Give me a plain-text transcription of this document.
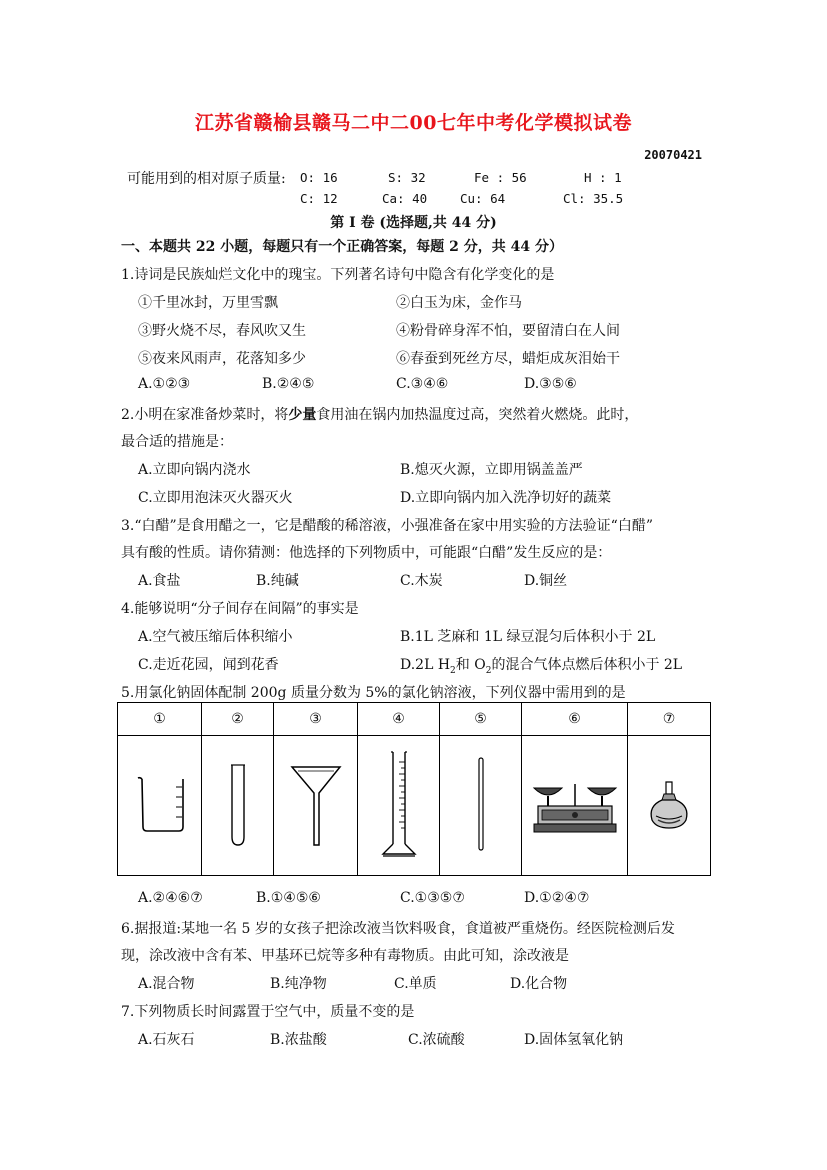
江苏省赣榆县赣马二中二00七年中考化学模拟试卷
20070421
可能用到的相对原子质量: O: 16	S: 32	Fe : 56	H : 1
C: 12	Ca: 40	Cu: 64	Cl: 35.5
第 I 卷 (选择题,共 44 分)
一、本题共 22 小题，每题只有一个正确答案，每题 2 分，共 44 分）
1.诗词是民族灿烂文化中的瑰宝。下列著名诗句中隐含有化学变化的是
①千里冰封，万里雪飘	②白玉为床，金作马
③野火烧不尽，春风吹又生	④粉骨碎身浑不怕，要留清白在人间
⑤夜来风雨声，花落知多少	⑥春蚕到死丝方尽，蜡炬成灰泪始干
A.①②③	B.②④⑤	C.③④⑥	D.③⑤⑥
2.小明在家准备炒菜时，将少量食用油在锅内加热温度过高，突然着火燃烧。此时，
最合适的措施是：
A.立即向锅内浇水	B.熄灭火源，立即用锅盖盖严
C.立即用泡沫灭火器灭火	D.立即向锅内加入洗净切好的蔬菜
3.“白醋”是食用醋之一，它是醋酸的稀溶液，小强准备在家中用实验的方法验证“白醋”
具有酸的性质。请你猜测：他选择的下列物质中，可能跟“白醋”发生反应的是：
A.食盐	B.纯碱	C.木炭	D.铜丝
4.能够说明“分子间存在间隔”的事实是
A.空气被压缩后体积缩小	B.1L 芝麻和 1L 绿豆混匀后体积小于 2L
C.走近花园，闻到花香	D.2L $H_2$和 $O_2$的混合气体点燃后体积小于 2L
5.用氯化钠固体配制 200g 质量分数为 5%的氯化钠溶液，下列仪器中需用到的是
①	②	③	④	⑤	⑥	⑦

A.②④⑥⑦	B.①④⑤⑥	C.①③⑤⑦	D.①②④⑦
6.据报道:某地一名 5 岁的女孩子把涂改液当饮料吸食，食道被严重烧伤。经医院检测后发
现，涂改液中含有苯、甲基环已烷等多种有毒物质。由此可知，涂改液是
A.混合物	B.纯净物	C.单质	D.化合物
7.下列物质长时间露置于空气中，质量不变的是
A.石灰石	B.浓盐酸	C.浓硫酸	D.固体氢氧化钠
